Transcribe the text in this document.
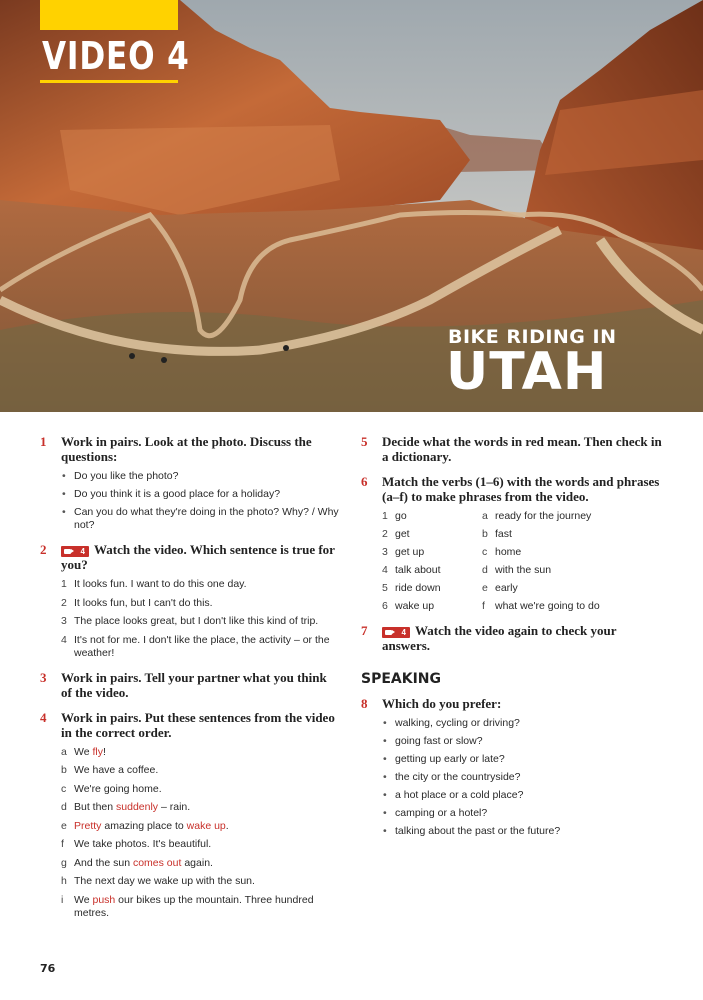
VIDEO 4
BIKE RIDING IN
UTAH
1 Work in pairs. Look at the photo. Discuss the questions:
• Do you like the photo?
• Do you think it is a good place for a holiday?
• Can you do what they're doing in the photo? Why? / Why not?
2	4 Watch the video. Which sentence is true for you?
1 It looks fun. I want to do this one day.
2 It looks fun, but I can't do this.
3 The place looks great, but I don't like this kind of trip.
4 It's not for me. I don't like the place, the activity – or the weather!
3 Work in pairs. Tell your partner what you think of the video.
4 Work in pairs. Put these sentences from the video in the correct order.
a We fly!
b We have a coffee.
c We're going home.
d But then suddenly – rain.
e Pretty amazing place to wake up.
f We take photos. It's beautiful.
g And the sun comes out again.
h The next day we wake up with the sun.
i We push our bikes up the mountain. Three hundred metres.
5 Decide what the words in red mean. Then check in a dictionary.
6 Match the verbs (1–6) with the words and phrases (a–f) to make phrases from the video.
1 go	a ready for the journey
2 get	b fast
3 get up	c home
4 talk about	d with the sun
5 ride down	e early
6 wake up	f what we're going to do
7	4 Watch the video again to check your answers.
SPEAKING
8 Which do you prefer:
• walking, cycling or driving?
• going fast or slow?
• getting up early or late?
• the city or the countryside?
• a hot place or a cold place?
• camping or a hotel?
• talking about the past or the future?
76
